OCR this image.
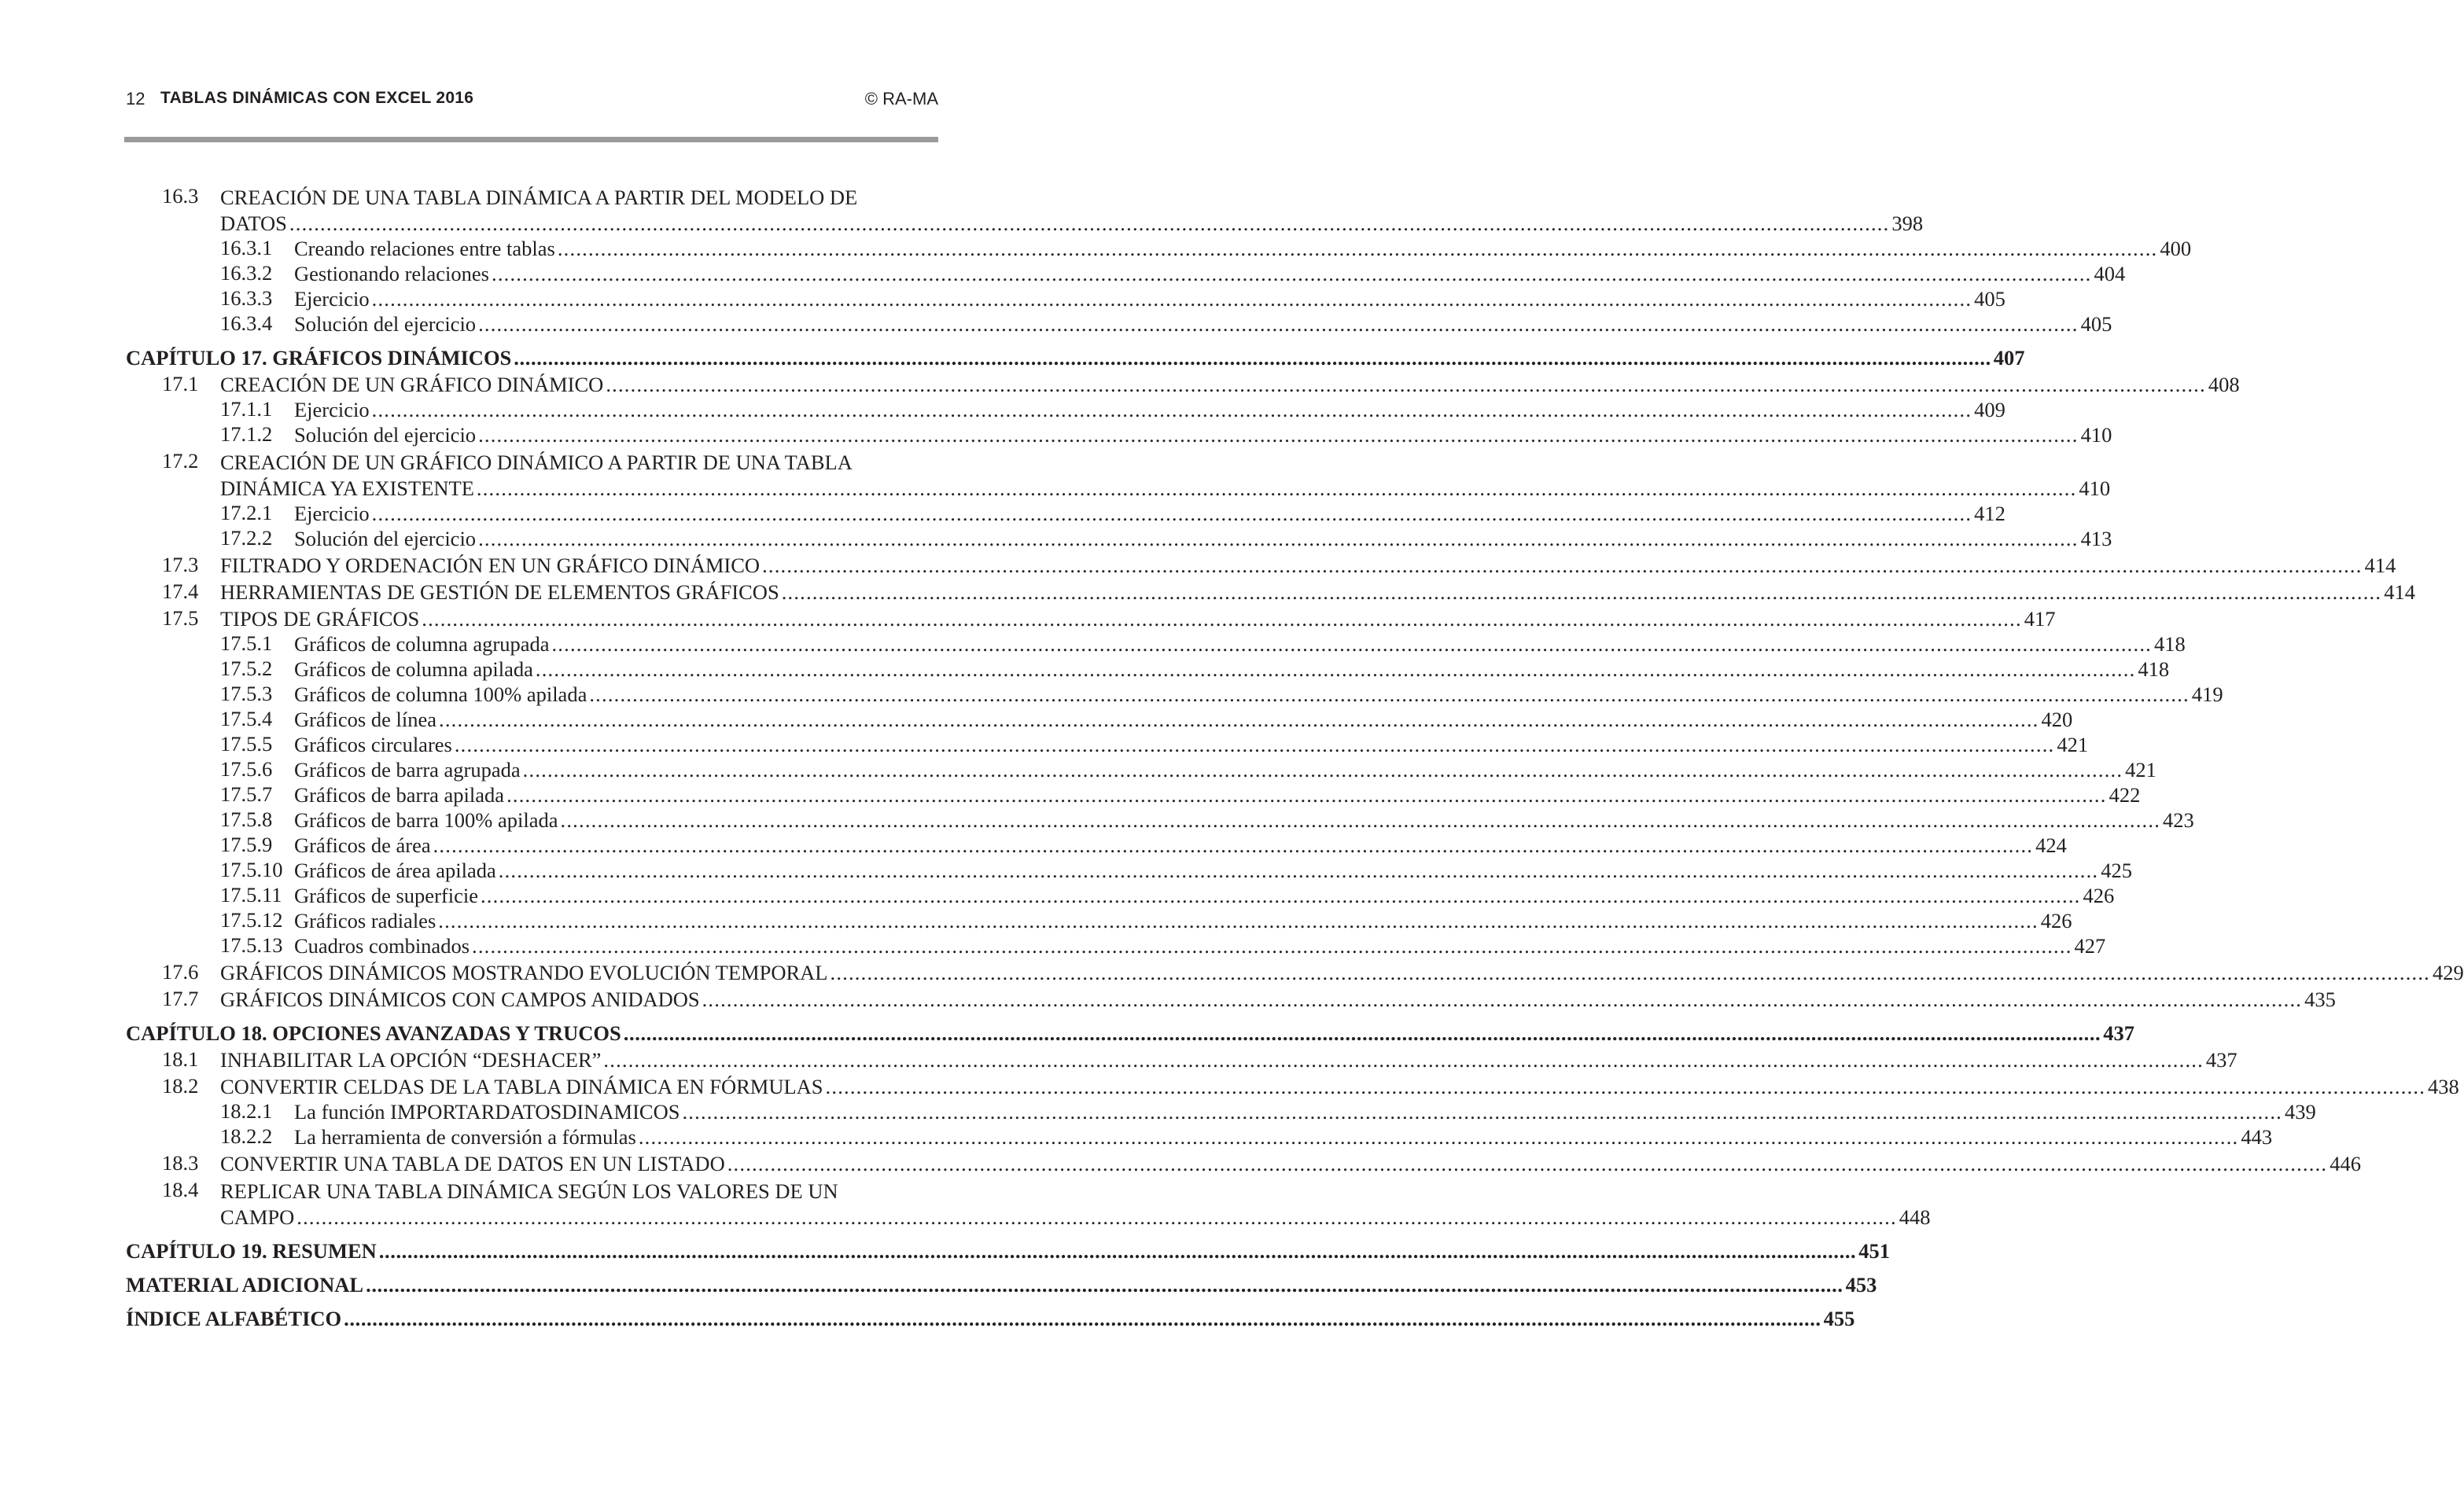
12 TABLAS DINÁMICAS CON EXCEL 2016	© RA-MA
16.3 CREACIÓN DE UNA TABLA DINÁMICA A PARTIR DEL MODELO DE
DATOS .................................................................................................................................................................................................................................................................... 398
16.3.1 Creando relaciones entre tablas .................................................................................................................................................................................................................................................................... 400
16.3.2 Gestionando relaciones .................................................................................................................................................................................................................................................................... 404
16.3.3 Ejercicio .................................................................................................................................................................................................................................................................... 405
16.3.4 Solución del ejercicio .................................................................................................................................................................................................................................................................... 405
CAPÍTULO 17. GRÁFICOS DINÁMICOS .................................................................................................................................................................................................................................................................... 407
17.1 CREACIÓN DE UN GRÁFICO DINÁMICO .................................................................................................................................................................................................................................................................... 408
17.1.1 Ejercicio .................................................................................................................................................................................................................................................................... 409
17.1.2 Solución del ejercicio .................................................................................................................................................................................................................................................................... 410
17.2 CREACIÓN DE UN GRÁFICO DINÁMICO A PARTIR DE UNA TABLA
DINÁMICA YA EXISTENTE .................................................................................................................................................................................................................................................................... 410
17.2.1 Ejercicio .................................................................................................................................................................................................................................................................... 412
17.2.2 Solución del ejercicio .................................................................................................................................................................................................................................................................... 413
17.3 FILTRADO Y ORDENACIÓN EN UN GRÁFICO DINÁMICO .................................................................................................................................................................................................................................................................... 414
17.4 HERRAMIENTAS DE GESTIÓN DE ELEMENTOS GRÁFICOS .................................................................................................................................................................................................................................................................... 414
17.5 TIPOS DE GRÁFICOS .................................................................................................................................................................................................................................................................... 417
17.5.1 Gráficos de columna agrupada .................................................................................................................................................................................................................................................................... 418
17.5.2 Gráficos de columna apilada .................................................................................................................................................................................................................................................................... 418
17.5.3 Gráficos de columna 100% apilada .................................................................................................................................................................................................................................................................... 419
17.5.4 Gráficos de línea .................................................................................................................................................................................................................................................................... 420
17.5.5 Gráficos circulares .................................................................................................................................................................................................................................................................... 421
17.5.6 Gráficos de barra agrupada .................................................................................................................................................................................................................................................................... 421
17.5.7 Gráficos de barra apilada .................................................................................................................................................................................................................................................................... 422
17.5.8 Gráficos de barra 100% apilada .................................................................................................................................................................................................................................................................... 423
17.5.9 Gráficos de área .................................................................................................................................................................................................................................................................... 424
17.5.10 Gráficos de área apilada .................................................................................................................................................................................................................................................................... 425
17.5.11 Gráficos de superficie .................................................................................................................................................................................................................................................................... 426
17.5.12 Gráficos radiales .................................................................................................................................................................................................................................................................... 426
17.5.13 Cuadros combinados .................................................................................................................................................................................................................................................................... 427
17.6 GRÁFICOS DINÁMICOS MOSTRANDO EVOLUCIÓN TEMPORAL .................................................................................................................................................................................................................................................................... 429
17.7 GRÁFICOS DINÁMICOS CON CAMPOS ANIDADOS .................................................................................................................................................................................................................................................................... 435
CAPÍTULO 18. OPCIONES AVANZADAS Y TRUCOS .................................................................................................................................................................................................................................................................... 437
18.1 INHABILITAR LA OPCIÓN “DESHACER” .................................................................................................................................................................................................................................................................... 437
18.2 CONVERTIR CELDAS DE LA TABLA DINÁMICA EN FÓRMULAS .................................................................................................................................................................................................................................................................... 438
18.2.1 La función IMPORTARDATOSDINAMICOS .................................................................................................................................................................................................................................................................... 439
18.2.2 La herramienta de conversión a fórmulas .................................................................................................................................................................................................................................................................... 443
18.3 CONVERTIR UNA TABLA DE DATOS EN UN LISTADO .................................................................................................................................................................................................................................................................... 446
18.4 REPLICAR UNA TABLA DINÁMICA SEGÚN LOS VALORES DE UN
CAMPO .................................................................................................................................................................................................................................................................... 448
CAPÍTULO 19. RESUMEN .................................................................................................................................................................................................................................................................... 451
MATERIAL ADICIONAL .................................................................................................................................................................................................................................................................... 453
ÍNDICE ALFABÉTICO .................................................................................................................................................................................................................................................................... 455
